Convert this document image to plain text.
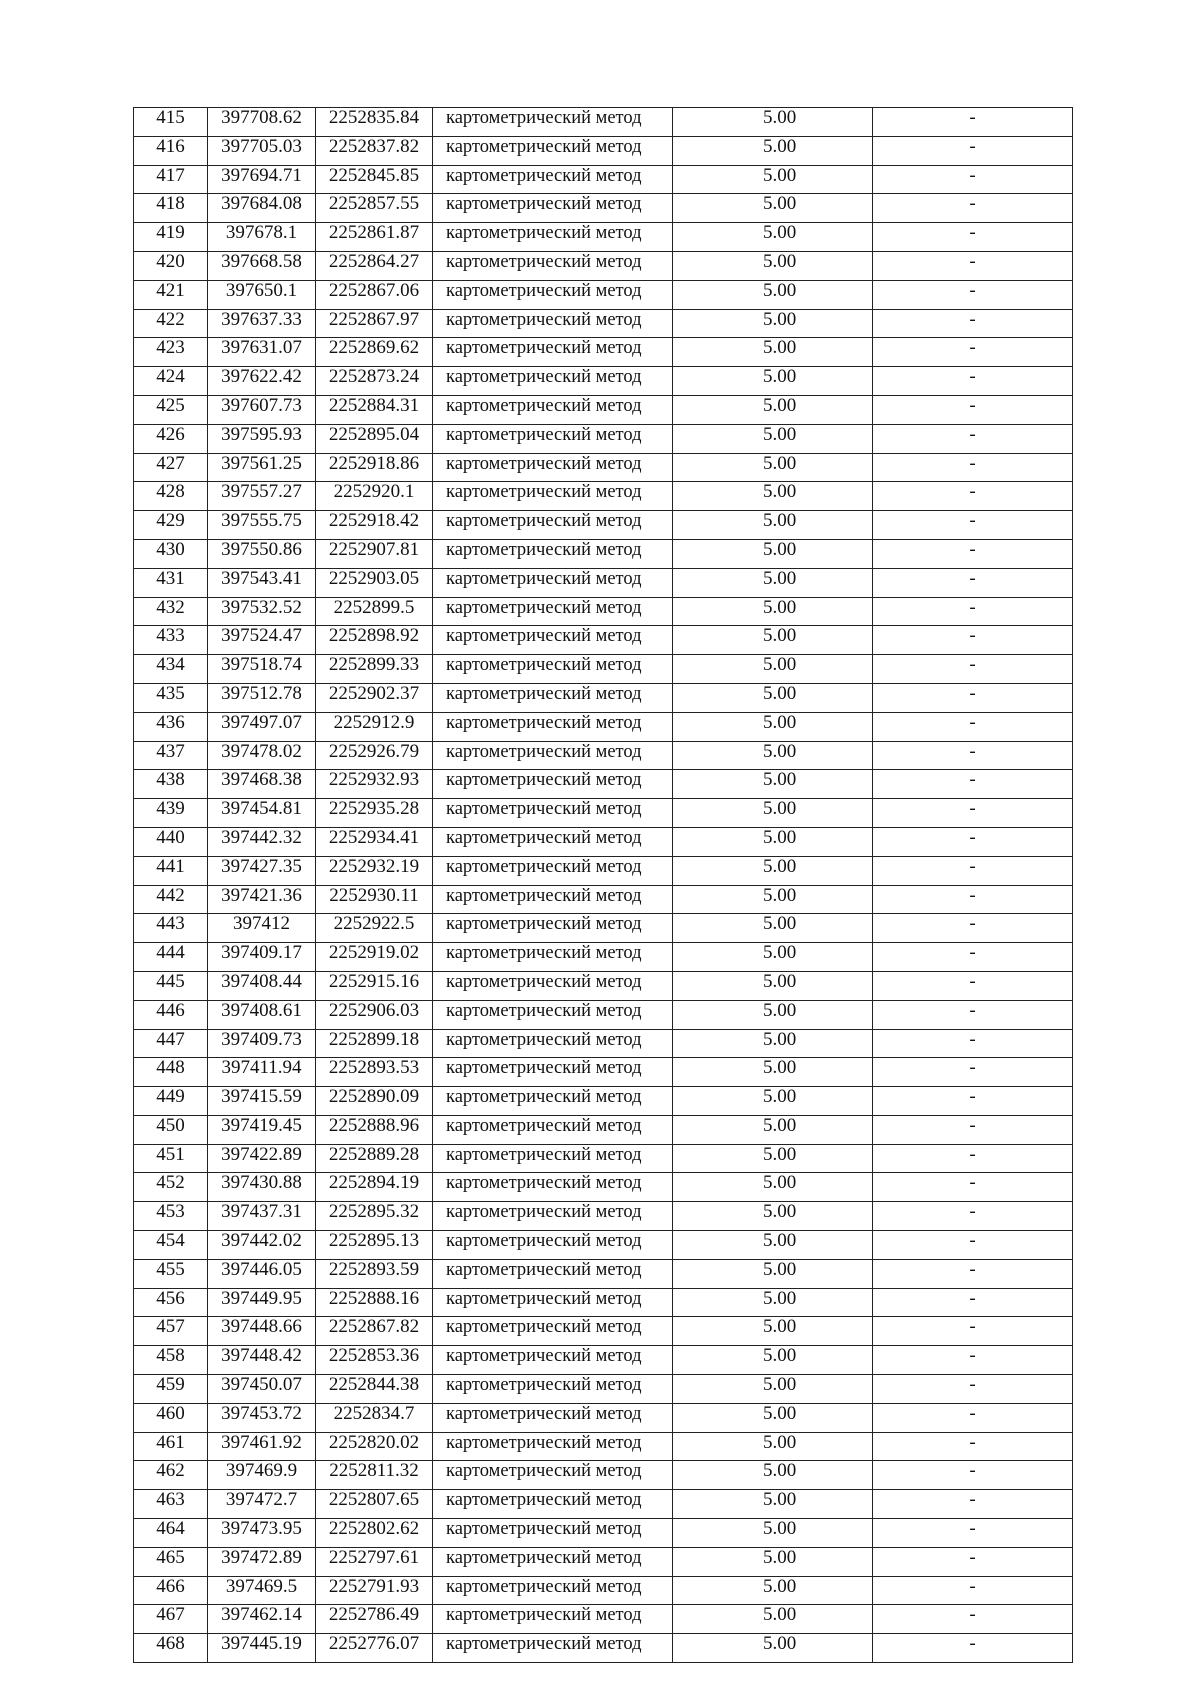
415	397708.62	2252835.84	картометрический метод	5.00	-
416	397705.03	2252837.82	картометрический метод	5.00	-
417	397694.71	2252845.85	картометрический метод	5.00	-
418	397684.08	2252857.55	картометрический метод	5.00	-
419	397678.1	2252861.87	картометрический метод	5.00	-
420	397668.58	2252864.27	картометрический метод	5.00	-
421	397650.1	2252867.06	картометрический метод	5.00	-
422	397637.33	2252867.97	картометрический метод	5.00	-
423	397631.07	2252869.62	картометрический метод	5.00	-
424	397622.42	2252873.24	картометрический метод	5.00	-
425	397607.73	2252884.31	картометрический метод	5.00	-
426	397595.93	2252895.04	картометрический метод	5.00	-
427	397561.25	2252918.86	картометрический метод	5.00	-
428	397557.27	2252920.1	картометрический метод	5.00	-
429	397555.75	2252918.42	картометрический метод	5.00	-
430	397550.86	2252907.81	картометрический метод	5.00	-
431	397543.41	2252903.05	картометрический метод	5.00	-
432	397532.52	2252899.5	картометрический метод	5.00	-
433	397524.47	2252898.92	картометрический метод	5.00	-
434	397518.74	2252899.33	картометрический метод	5.00	-
435	397512.78	2252902.37	картометрический метод	5.00	-
436	397497.07	2252912.9	картометрический метод	5.00	-
437	397478.02	2252926.79	картометрический метод	5.00	-
438	397468.38	2252932.93	картометрический метод	5.00	-
439	397454.81	2252935.28	картометрический метод	5.00	-
440	397442.32	2252934.41	картометрический метод	5.00	-
441	397427.35	2252932.19	картометрический метод	5.00	-
442	397421.36	2252930.11	картометрический метод	5.00	-
443	397412	2252922.5	картометрический метод	5.00	-
444	397409.17	2252919.02	картометрический метод	5.00	-
445	397408.44	2252915.16	картометрический метод	5.00	-
446	397408.61	2252906.03	картометрический метод	5.00	-
447	397409.73	2252899.18	картометрический метод	5.00	-
448	397411.94	2252893.53	картометрический метод	5.00	-
449	397415.59	2252890.09	картометрический метод	5.00	-
450	397419.45	2252888.96	картометрический метод	5.00	-
451	397422.89	2252889.28	картометрический метод	5.00	-
452	397430.88	2252894.19	картометрический метод	5.00	-
453	397437.31	2252895.32	картометрический метод	5.00	-
454	397442.02	2252895.13	картометрический метод	5.00	-
455	397446.05	2252893.59	картометрический метод	5.00	-
456	397449.95	2252888.16	картометрический метод	5.00	-
457	397448.66	2252867.82	картометрический метод	5.00	-
458	397448.42	2252853.36	картометрический метод	5.00	-
459	397450.07	2252844.38	картометрический метод	5.00	-
460	397453.72	2252834.7	картометрический метод	5.00	-
461	397461.92	2252820.02	картометрический метод	5.00	-
462	397469.9	2252811.32	картометрический метод	5.00	-
463	397472.7	2252807.65	картометрический метод	5.00	-
464	397473.95	2252802.62	картометрический метод	5.00	-
465	397472.89	2252797.61	картометрический метод	5.00	-
466	397469.5	2252791.93	картометрический метод	5.00	-
467	397462.14	2252786.49	картометрический метод	5.00	-
468	397445.19	2252776.07	картометрический метод	5.00	-
